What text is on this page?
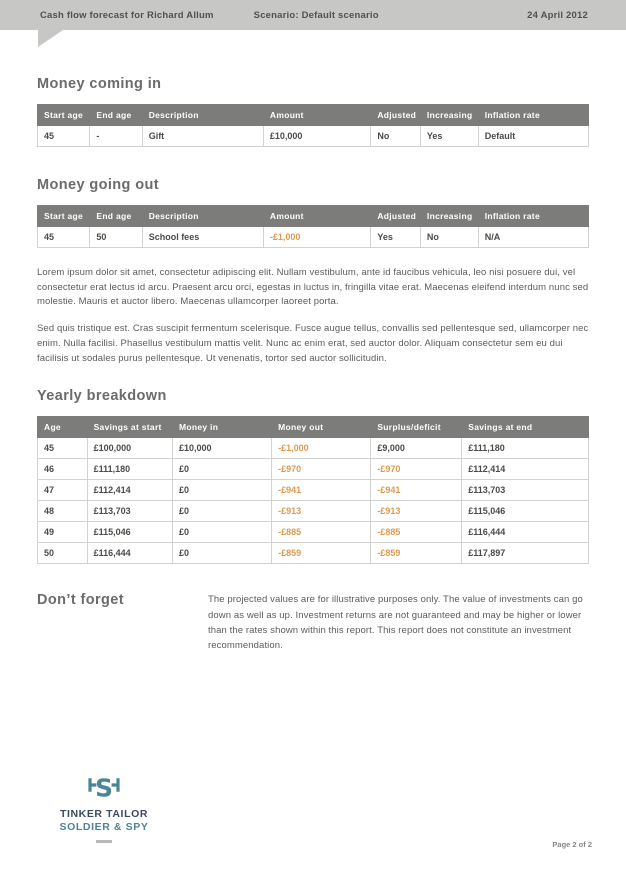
Cash flow forecast for Richard Allum	Scenario: Default scenario	24 April 2012
Money coming in
Start age	End age	Description	Amount	Adjusted	Increasing	Inflation rate
45	-	Gift	£10,000	No	Yes	Default
Money going out
Start age	End age	Description	Amount	Adjusted	Increasing	Inflation rate
45	50	School fees	-£1,000	Yes	No	N/A

Lorem ipsum dolor sit amet, consectetur adipiscing elit. Nullam vestibulum, ante id faucibus vehicula, leo nisi posuere dui, vel consectetur erat lectus id arcu. Praesent arcu orci, egestas in luctus in, fringilla vitae erat. Maecenas eleifend interdum nunc sed molestie. Mauris et auctor libero. Maecenas ullamcorper laoreet porta.

Sed quis tristique est. Cras suscipit fermentum scelerisque. Fusce augue tellus, convallis sed pellentesque sed, ullamcorper nec enim. Nulla facilisi. Phasellus vestibulum mattis velit. Nunc ac enim erat, sed auctor dolor. Aliquam consectetur sem eu dui facilisis ut sodales purus pellentesque. Ut venenatis, tortor sed auctor sollicitudin.

Yearly breakdown
Age	Savings at start	Money in	Money out	Surplus/deficit	Savings at end
45	£100,000	£10,000	-£1,000	£9,000	£111,180
46	£111,180	£0	-£970	-£970	£112,414
47	£112,414	£0	-£941	-£941	£113,703
48	£113,703	£0	-£913	-£913	£115,046
49	£115,046	£0	-£885	-£885	£116,444
50	£116,444	£0	-£859	-£859	£117,897
Don’t forget	The projected values are for illustrative purposes only. The value of investments can go down as well as up. Investment returns are not guaranteed and may be higher or lower than the rates shown within this report. This report does not constitute an investment recommendation.

S
TINKER TAILOR
SOLDIER & SPY
Page 2 of 2
